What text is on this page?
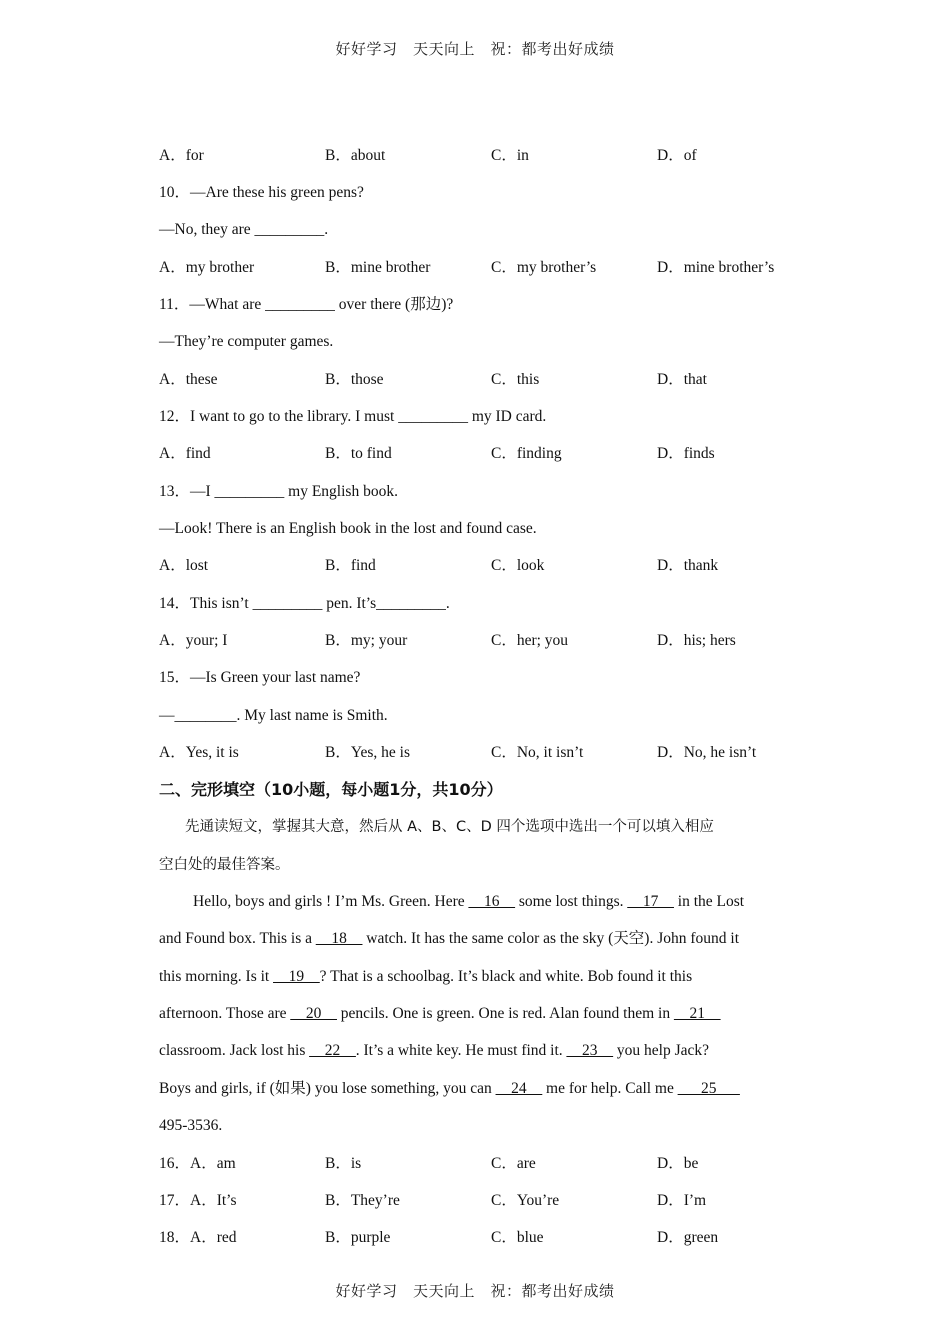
好好学习　天天向上　祝：都考出好成绩
A．for	B．about	C．in	D．of
10．—Are these his green pens?
—No, they are _________.
A．my brother	B．mine brother	C．my brother’s	D．mine brother’s
11．—What are _________ over there (那边)?
—They’re computer games.
A．these	B．those	C．this	D．that
12．I want to go to the library. I must _________ my ID card.
A．find	B．to find	C．finding	D．finds
13．—I _________ my English book.
—Look! There is an English book in the lost and found case.
A．lost	B．find	C．look	D．thank
14．This isn’t _________ pen. It’s_________.
A．your; I	B．my; your	C．her; you	D．his; hers
15．—Is Green your last name?
—________. My last name is Smith.
A．Yes, it is	B．Yes, he is	C．No, it isn’t	D．No, he isn’t
二、完形填空（10小题，每小题1分，共10分）
先通读短文，掌握其大意，然后从 A、B、C、D 四个选项中选出一个可以填入相应
空白处的最佳答案。
Hello, boys and girls ! I’m Ms. Green. Here __16__ some lost things. __17__ in the Lost
and Found box. This is a __18__ watch. It has the same color as the sky (天空). John found it
this morning. Is it __19__? That is a schoolbag. It’s black and white. Bob found it this
afternoon. Those are __20__ pencils. One is green. One is red. Alan found them in __21__
classroom. Jack lost his __22__. It’s a white key. He must find it. __23__ you help Jack?
Boys and girls, if (如果) you lose something, you can __24__ me for help. Call me ___25___
495-3536.
16．A．am	B．is	C．are	D．be
17．A．It’s	B．They’re	C．You’re	D．I’m
18．A．red	B．purple	C．blue	D．green
好好学习　天天向上　祝：都考出好成绩
